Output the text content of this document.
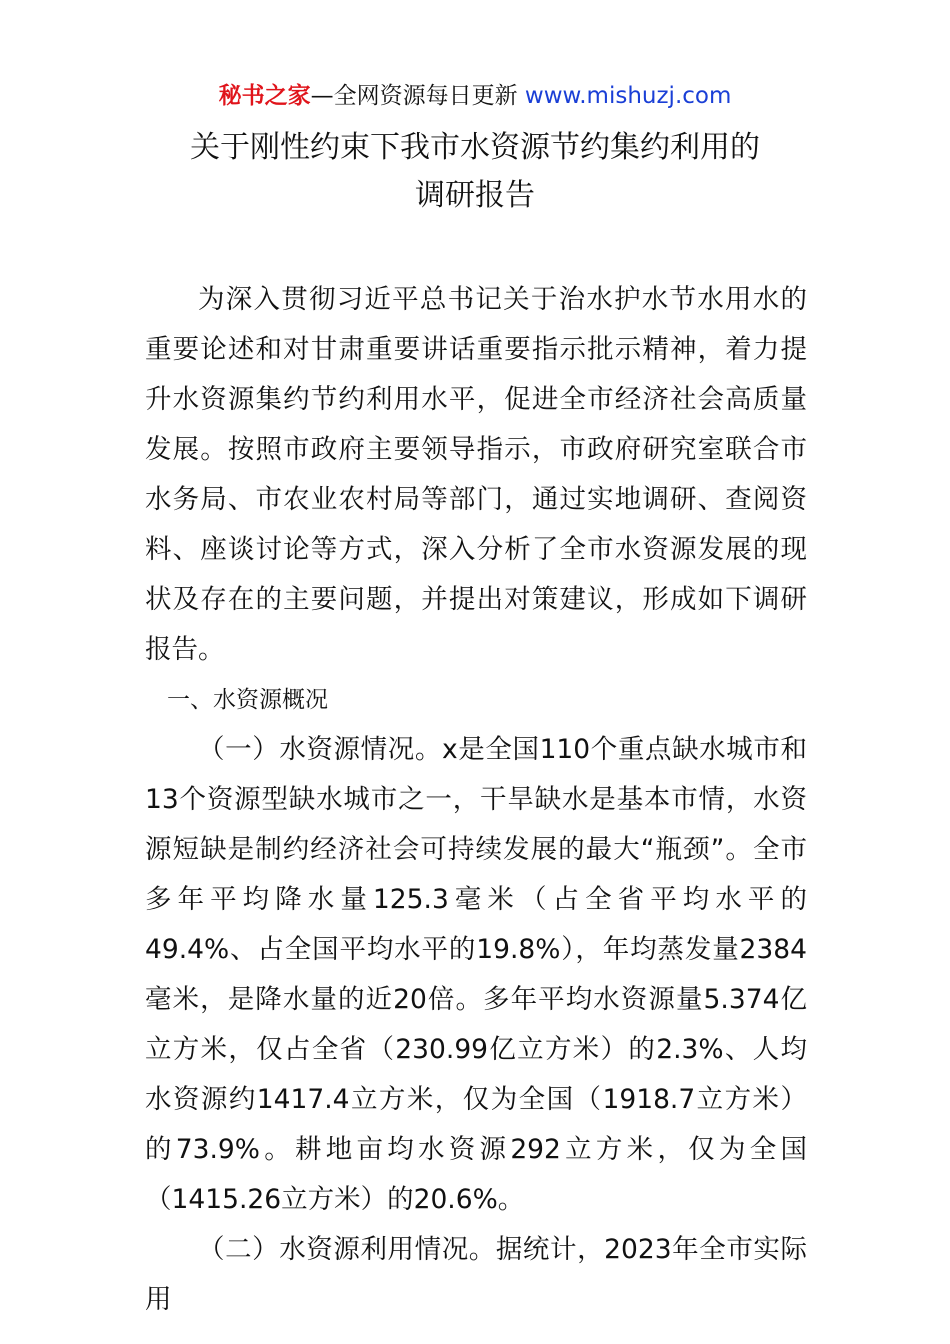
秘书之家—全网资源每日更新 www.mishuzj.com
关于刚性约束下我市水资源节约集约利用的
调研报告

为深入贯彻习近平总书记关于治水护水节水用水的重要论述和对甘肃重要讲话重要指示批示精神，着力提升水资源集约节约利用水平，促进全市经济社会高质量发展。按照市政府主要领导指示，市政府研究室联合市水务局、市农业农村局等部门，通过实地调研、查阅资料、座谈讨论等方式，深入分析了全市水资源发展的现状及存在的主要问题，并提出对策建议，形成如下调研报告。

一、水资源概况

（一）水资源情况。x是全国110个重点缺水城市和13个资源型缺水城市之一，干旱缺水是基本市情，水资源短缺是制约经济社会可持续发展的最大“瓶颈”。全市多年平均降水量125.3毫米（占全省平均水平的49.4%、占全国平均水平的19.8%），年均蒸发量2384毫米，是降水量的近20倍。多年平均水资源量5.374亿立方米，仅占全省（230.99亿立方米）的2.3%、人均水资源约1417.4立方米，仅为全国（1918.7立方米）的73.9%。耕地亩均水资源292立方米，仅为全国（1415.26立方米）的20.6%。

（二）水资源利用情况。据统计，2023年全市实际用
